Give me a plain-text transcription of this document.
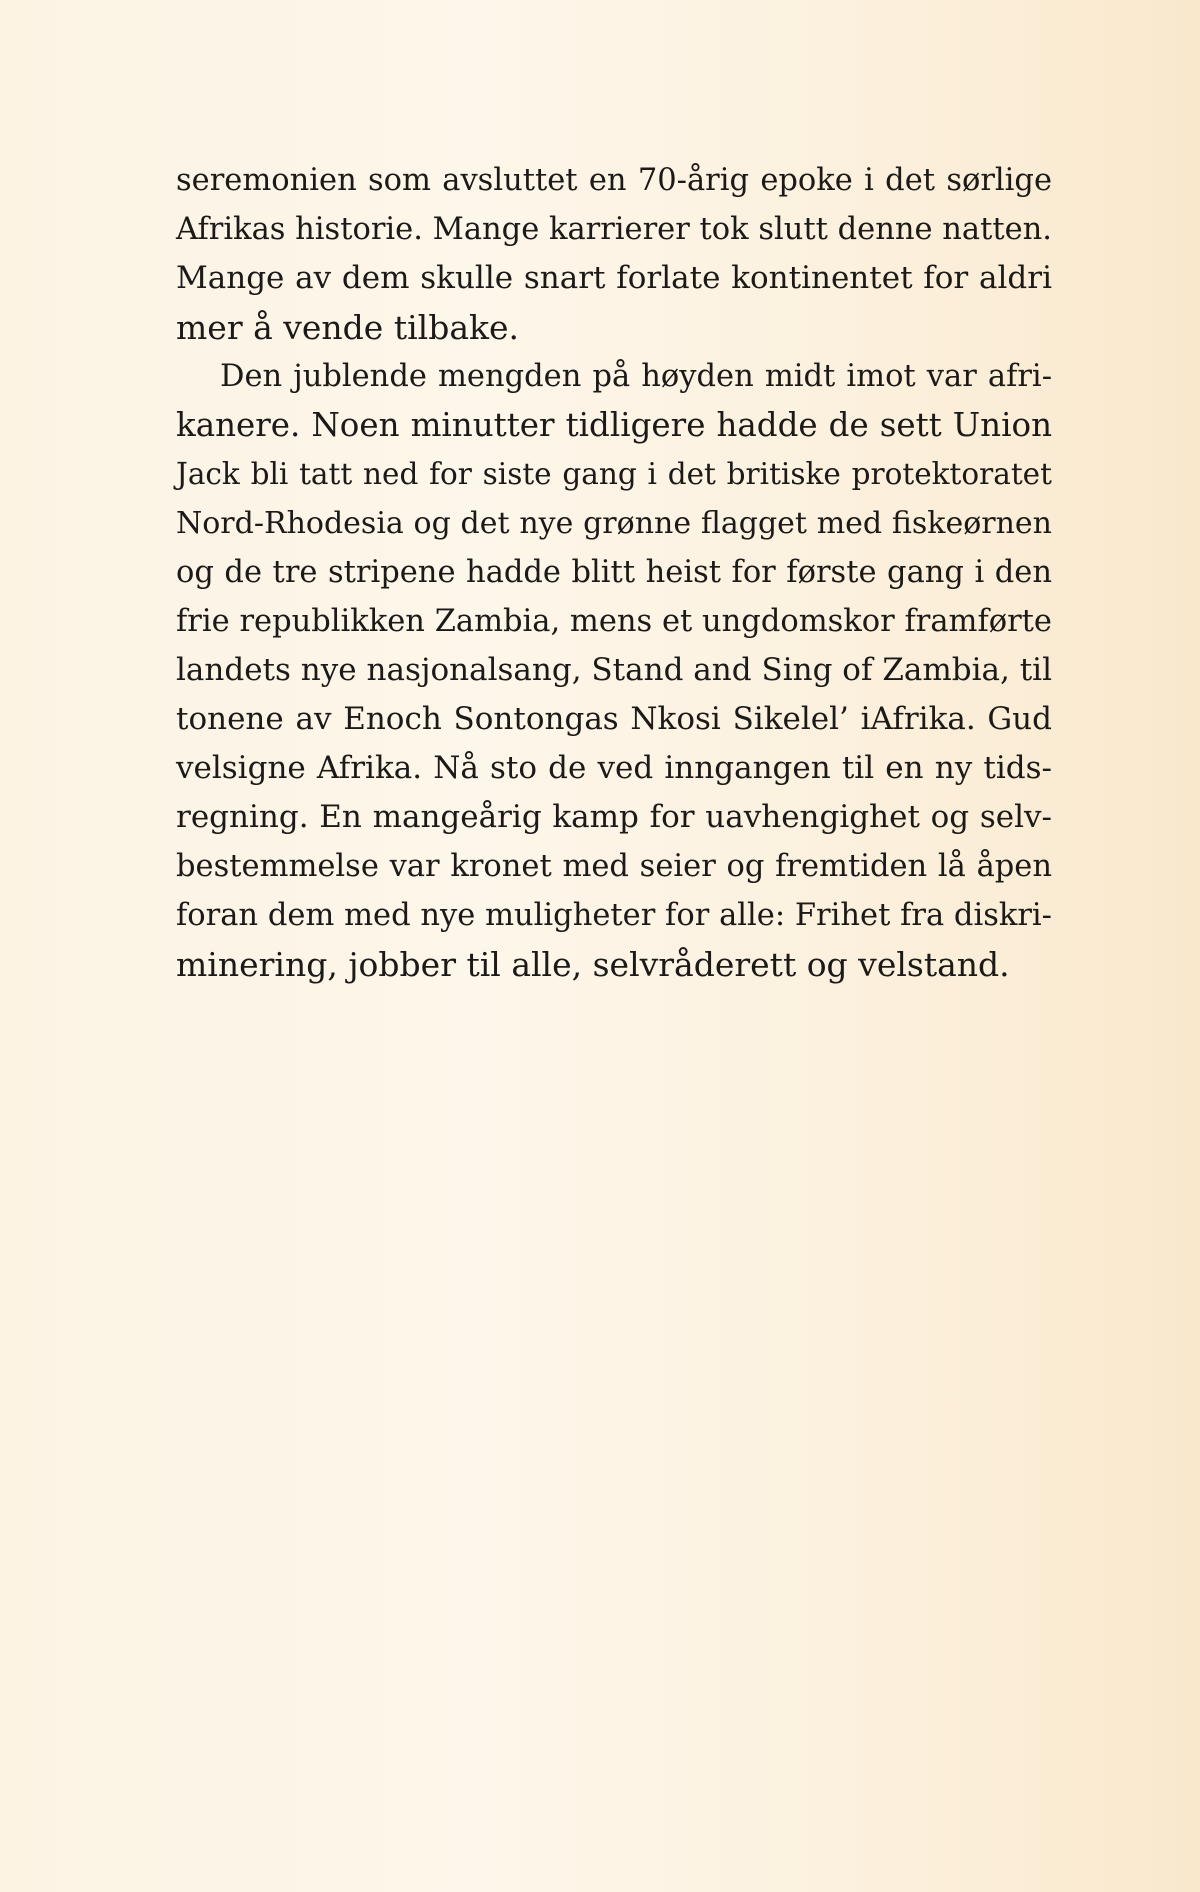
seremonien som avsluttet en 70-årig epoke i det sørlige
Afrikas historie. Mange karrierer tok slutt denne natten.
Mange av dem skulle snart forlate kontinentet for aldri
mer å vende tilbake.
Den jublende mengden på høyden midt imot var afri-
kanere. Noen minutter tidligere hadde de sett Union
Jack bli tatt ned for siste gang i det britiske protektoratet
Nord-Rhodesia og det nye grønne flagget med fiskeørnen
og de tre stripene hadde blitt heist for første gang i den
frie republikken Zambia, mens et ungdomskor framførte
landets nye nasjonalsang, Stand and Sing of Zambia, til
tonene av Enoch Sontongas Nkosi Sikelel’ iAfrika. Gud
velsigne Afrika. Nå sto de ved inngangen til en ny tids-
regning. En mangeårig kamp for uavhengighet og selv-
bestemmelse var kronet med seier og fremtiden lå åpen
foran dem med nye muligheter for alle: Frihet fra diskri-
minering, jobber til alle, selvråderett og velstand.
